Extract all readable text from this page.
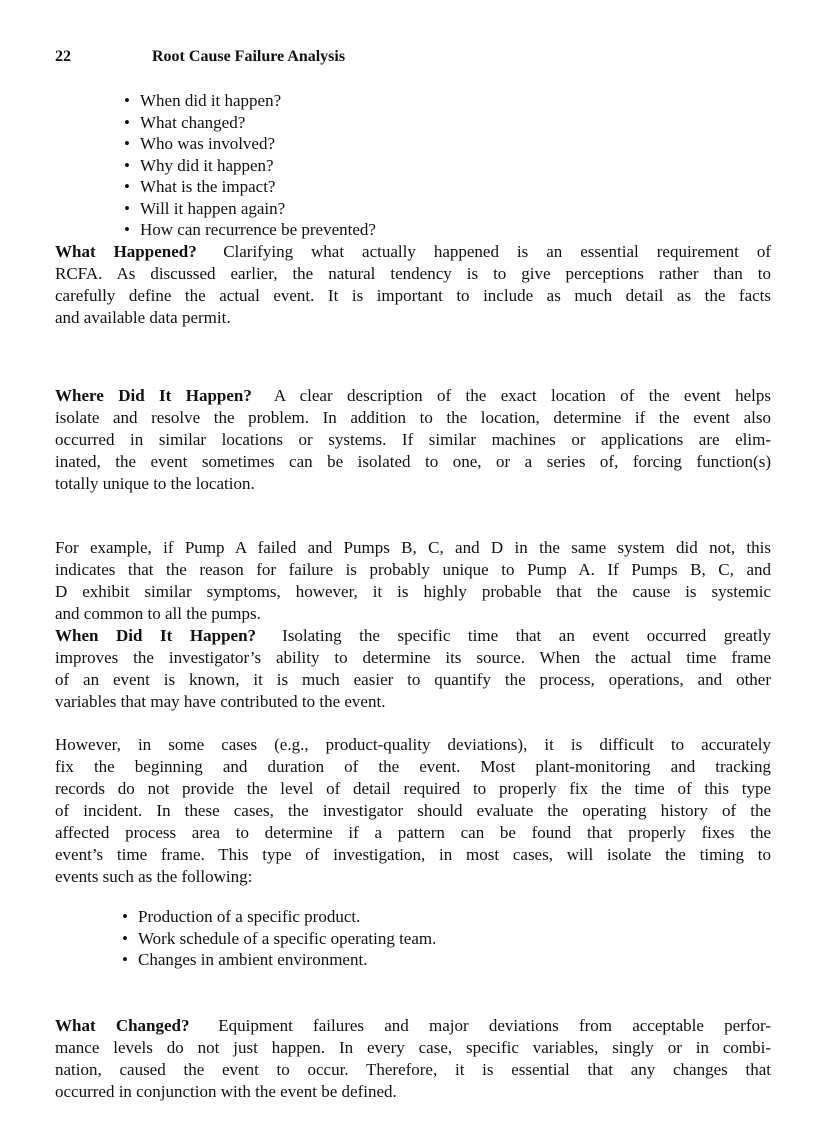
22	Root Cause Failure Analysis
• When did it happen?
• What changed?
• Who was involved?
• Why did it happen?
• What is the impact?
• Will it happen again?
• How can recurrence be prevented?
What Happened?  Clarifying what actually happened is an essential requirement of
RCFA. As discussed earlier, the natural tendency is to give perceptions rather than to
carefully define the actual event. It is important to include as much detail as the facts
and available data permit.
Where Did It Happen?  A clear description of the exact location of the event helps
isolate and resolve the problem. In addition to the location, determine if the event also
occurred in similar locations or systems. If similar machines or applications are elim-
inated, the event sometimes can be isolated to one, or a series of, forcing function(s)
totally unique to the location.
For example, if Pump A failed and Pumps B, C, and D in the same system did not, this
indicates that the reason for failure is probably unique to Pump A. If Pumps B, C, and
D exhibit similar symptoms, however, it is highly probable that the cause is systemic
and common to all the pumps.
When Did It Happen?  Isolating the specific time that an event occurred greatly
improves the investigator’s ability to determine its source. When the actual time frame
of an event is known, it is much easier to quantify the process, operations, and other
variables that may have contributed to the event.
However, in some cases (e.g., product-quality deviations), it is difficult to accurately
fix the beginning and duration of the event. Most plant-monitoring and tracking
records do not provide the level of detail required to properly fix the time of this type
of incident. In these cases, the investigator should evaluate the operating history of the
affected process area to determine if a pattern can be found that properly fixes the
event’s time frame. This type of investigation, in most cases, will isolate the timing to
events such as the following:
• Production of a specific product.
• Work schedule of a specific operating team.
• Changes in ambient environment.
What Changed?  Equipment failures and major deviations from acceptable perfor-
mance levels do not just happen. In every case, specific variables, singly or in combi-
nation, caused the event to occur. Therefore, it is essential that any changes that
occurred in conjunction with the event be defined.
